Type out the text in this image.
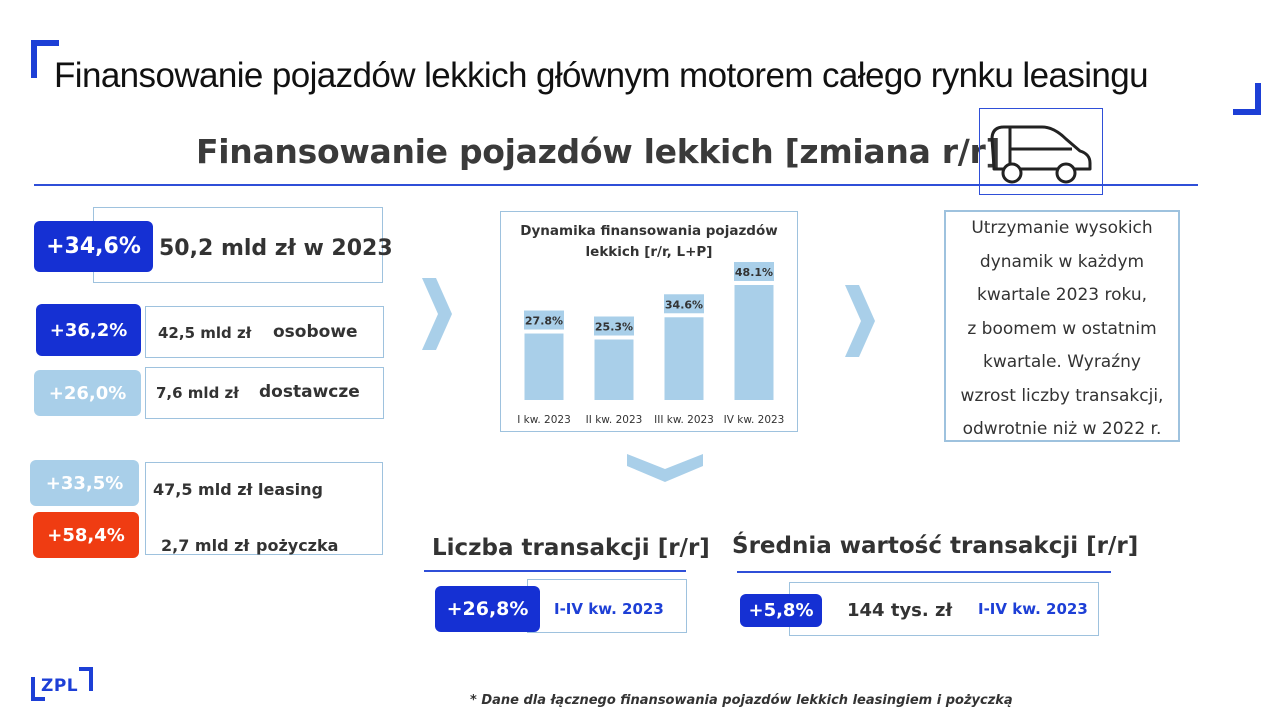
Finansowanie pojazdów lekkich głównym motorem całego rynku leasingu
Finansowanie pojazdów lekkich [zmiana r/r]
+34,6% 50,2 mld zł w 2023
+36,2%	42,5 mld zł osobowe
+26,0%	7,6 mld zł dostawcze
+33,5%	47,5 mld zł leasing
+58,4%	2,7 mld zł pożyczka
Dynamika finansowania pojazdów
lekkich [r/r, L+P]
27.8%
I kw. 2023
25.3%
II kw. 2023
34.6%
III kw. 2023
48.1%
IV kw. 2023
Utrzymanie wysokich
dynamik w każdym
kwartale 2023 roku,
z boomem w ostatnim
kwartale. Wyraźny
wzrost liczby transakcji,
odwrotnie niż w 2022 r.
Liczba transakcji [r/r]
+26,8%	I-IV kw. 2023
Średnia wartość transakcji [r/r]
+5,8%	144 tys. zł I-IV kw. 2023
ZPL
* Dane dla łącznego finansowania pojazdów lekkich leasingiem i pożyczką
